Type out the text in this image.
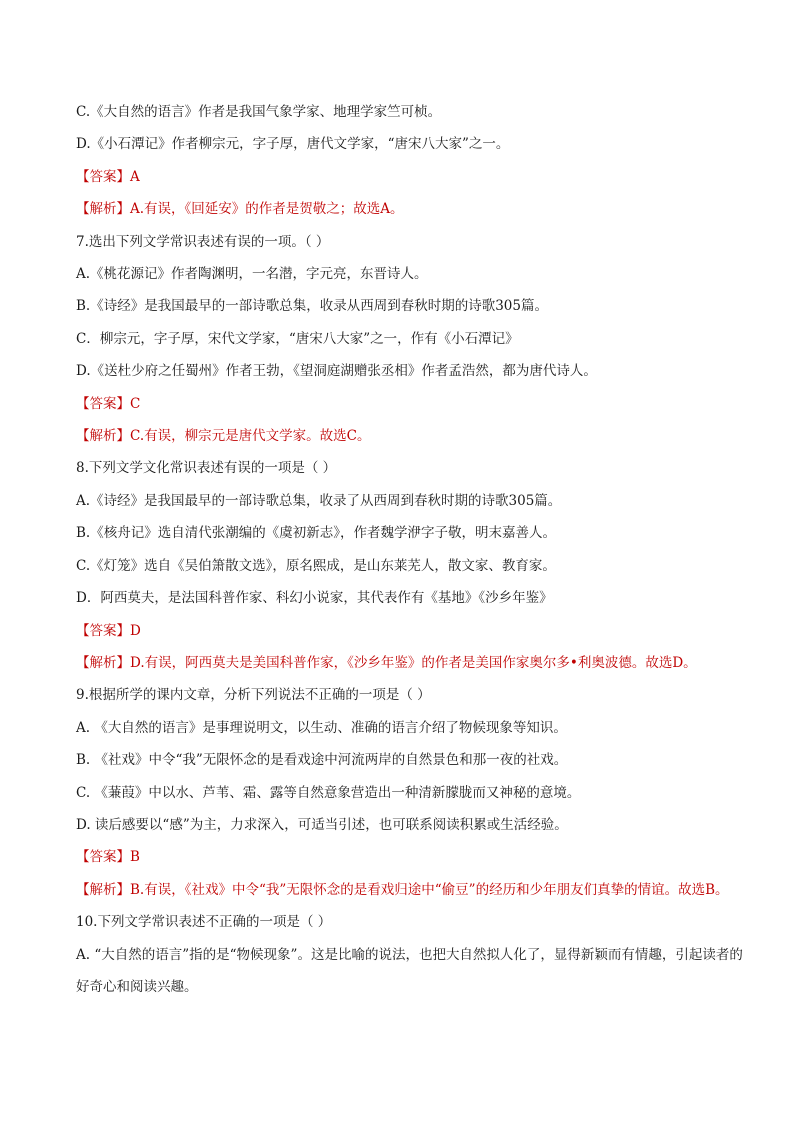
C.《大自然的语言》作者是我国气象学家、地理学家竺可桢。

D.《小石潭记》作者柳宗元，字子厚，唐代文学家，“唐宋八大家”之一。

【答案】A

【解析】A.有误，《回延安》的作者是贺敬之；故选A。

7.选出下列文学常识表述有误的一项。（ ）

A.《桃花源记》作者陶渊明，一名潜，字元亮，东晋诗人。

B.《诗经》是我国最早的一部诗歌总集，收录从西周到春秋时期的诗歌305篇。

C．柳宗元，字子厚，宋代文学家，“唐宋八大家”之一，作有《小石潭记》

D.《送杜少府之任蜀州》作者王勃，《望洞庭湖赠张丞相》作者孟浩然，都为唐代诗人。

【答案】C

【解析】C.有误，柳宗元是唐代文学家。故选C。

8.下列文学文化常识表述有误的一项是（ ）

A.《诗经》是我国最早的一部诗歌总集，收录了从西周到春秋时期的诗歌305篇。

B.《核舟记》选自清代张潮编的《虞初新志》，作者魏学洢字子敬，明末嘉善人。

C.《灯笼》选自《吴伯箫散文选》，原名熙成，是山东莱芜人，散文家、教育家。

D．阿西莫夫，是法国科普作家、科幻小说家，其代表作有《基地》《沙乡年鉴》

【答案】D

【解析】D.有误，阿西莫夫是美国科普作家，《沙乡年鉴》的作者是美国作家奥尔多•利奥波德。故选D。

9.根据所学的课内文章，分析下列说法不正确的一项是（ ）

A. 《大自然的语言》是事理说明文，以生动、准确的语言介绍了物候现象等知识。

B. 《社戏》中令“我”无限怀念的是看戏途中河流两岸的自然景色和那一夜的社戏。

C. 《蒹葭》中以水、芦苇、霜、露等自然意象营造出一种清新朦胧而又神秘的意境。

D. 读后感要以“感”为主，力求深入，可适当引述，也可联系阅读积累或生活经验。

【答案】B

【解析】B.有误，《社戏》中令“我”无限怀念的是看戏归途中“偷豆”的经历和少年朋友们真挚的情谊。故选B。

10.下列文学常识表述不正确的一项是（ ）

A. “大自然的语言”指的是“物候现象”。这是比喻的说法，也把大自然拟人化了，显得新颖而有情趣，引起读者的好奇心和阅读兴趣。
